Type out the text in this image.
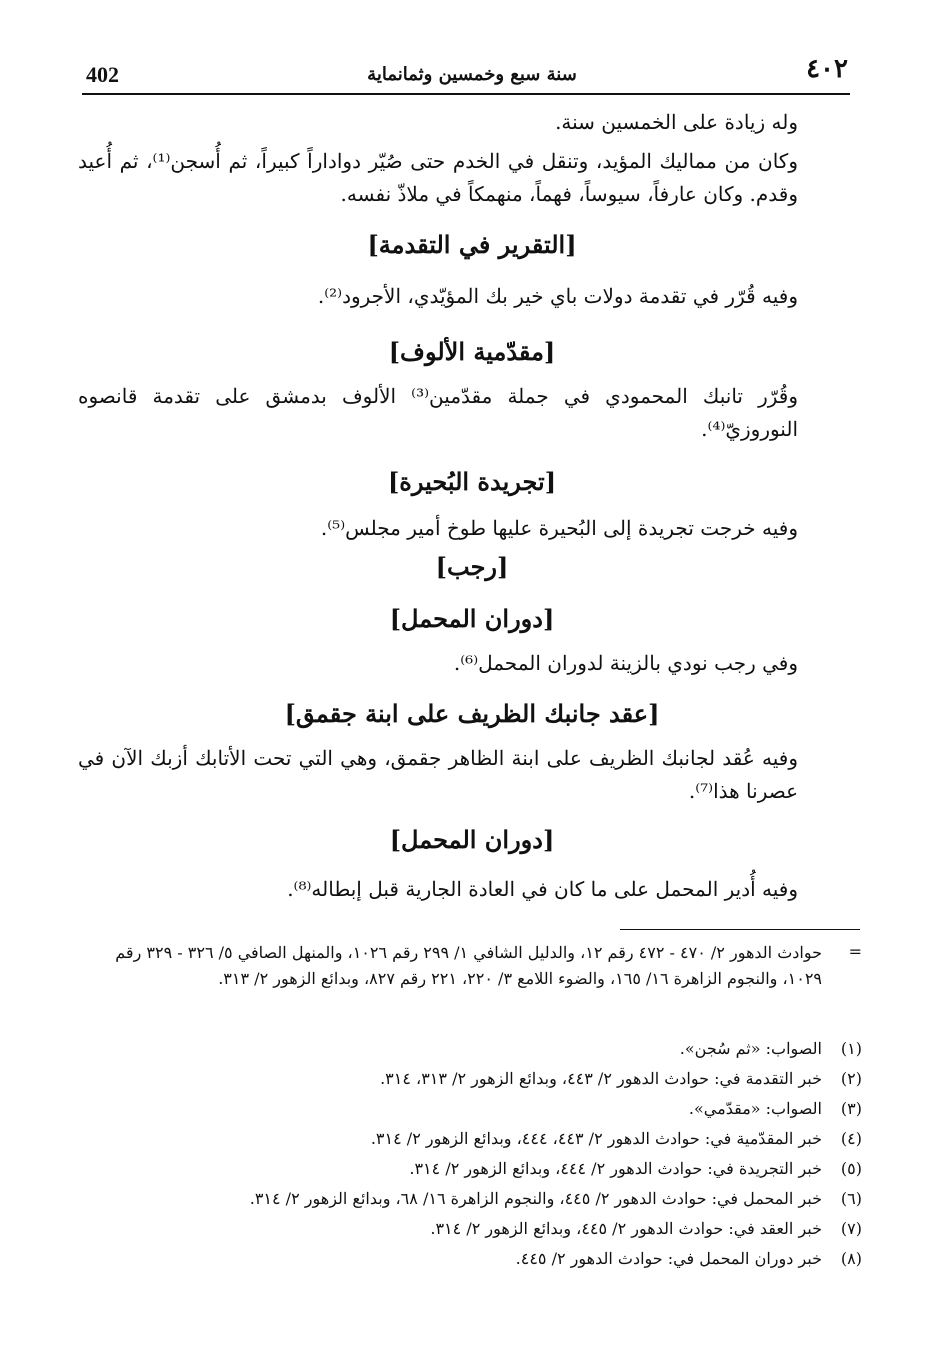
402	سنة سبع وخمسين وثمانماية	٤٠٢
وله زيادة على الخمسين سنة.
وكان من مماليك المؤيد، وتنقل في الخدم حتى صُيّر دواداراً كبيراً، ثم أُسجن⁽¹⁾، ثم أُعيد وقدم. وكان عارفاً، سيوساً، فهماً، منهمكاً في ملاذّ نفسه.
[التقرير في التقدمة]
وفيه قُرّر في تقدمة دولات باي خير بك المؤيّدي، الأجرود⁽²⁾.
[مقدّمية الألوف]
وقُرّر تانبك المحمودي في جملة مقدّمين⁽³⁾ الألوف بدمشق على تقدمة قانصوه النوروزيّ⁽⁴⁾.
[تجريدة البُحيرة]
وفيه خرجت تجريدة إلى البُحيرة عليها طوخ أمير مجلس⁽⁵⁾.
[رجب]
[دوران المحمل]
وفي رجب نودي بالزينة لدوران المحمل⁽⁶⁾.
[عقد جانبك الظريف على ابنة جقمق]
وفيه عُقد لجانبك الظريف على ابنة الظاهر جقمق، وهي التي تحت الأتابك أزبك الآن في عصرنا هذا⁽⁷⁾.
[دوران المحمل]
وفيه أُدير المحمل على ما كان في العادة الجارية قبل إبطاله⁽⁸⁾.
=
حوادث الدهور ٢/ ٤٧٠ - ٤٧٢ رقم ١٢، والدليل الشافي ١/ ٢٩٩ رقم ١٠٢٦، والمنهل الصافي ٥/ ٣٢٦ - ٣٢٩ رقم ١٠٢٩، والنجوم الزاهرة ١٦/ ١٦٥، والضوء اللامع ٣/ ٢٢٠، ٢٢١ رقم ٨٢٧، وبدائع الزهور ٢/ ٣١٣.
(١)
الصواب: «ثم سُجن».
(٢)
خبر التقدمة في: حوادث الدهور ٢/ ٤٤٣، وبدائع الزهور ٢/ ٣١٣، ٣١٤.
(٣)
الصواب: «مقدّمي».
(٤)
خبر المقدّمية في: حوادث الدهور ٢/ ٤٤٣، ٤٤٤، وبدائع الزهور ٢/ ٣١٤.
(٥)
خبر التجريدة في: حوادث الدهور ٢/ ٤٤٤، وبدائع الزهور ٢/ ٣١٤.
(٦)
خبر المحمل في: حوادث الدهور ٢/ ٤٤٥، والنجوم الزاهرة ١٦/ ٦٨، وبدائع الزهور ٢/ ٣١٤.
(٧)
خبر العقد في: حوادث الدهور ٢/ ٤٤٥، وبدائع الزهور ٢/ ٣١٤.
(٨)
خبر دوران المحمل في: حوادث الدهور ٢/ ٤٤٥.
